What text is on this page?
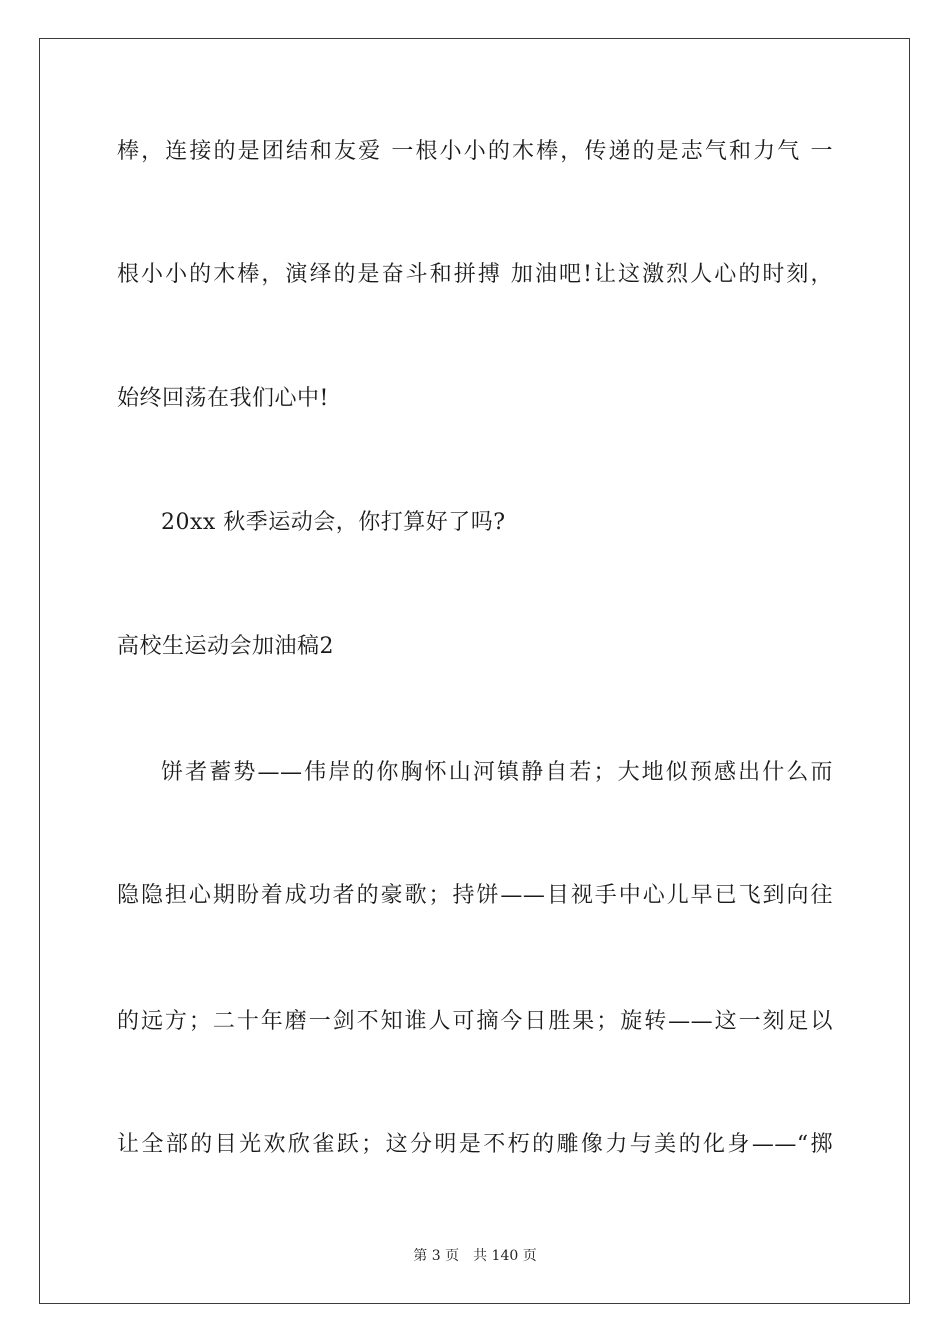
棒，连接的是团结和友爱 一根小小的木棒，传递的是志气和力气 一
根小小的木棒，演绎的是奋斗和拼搏 加油吧!让这激烈人心的时刻，
始终回荡在我们心中!
20xx 秋季运动会，你打算好了吗?
高校生运动会加油稿2
饼者蓄势——伟岸的你胸怀山河镇静自若；大地似预感出什么而
隐隐担心期盼着成功者的豪歌；持饼——目视手中心儿早已飞到向往
的远方；二十年磨一剑不知谁人可摘今日胜果；旋转——这一刻足以
让全部的目光欢欣雀跃；这分明是不朽的雕像力与美的化身——“掷
第 3 页 共 140 页
